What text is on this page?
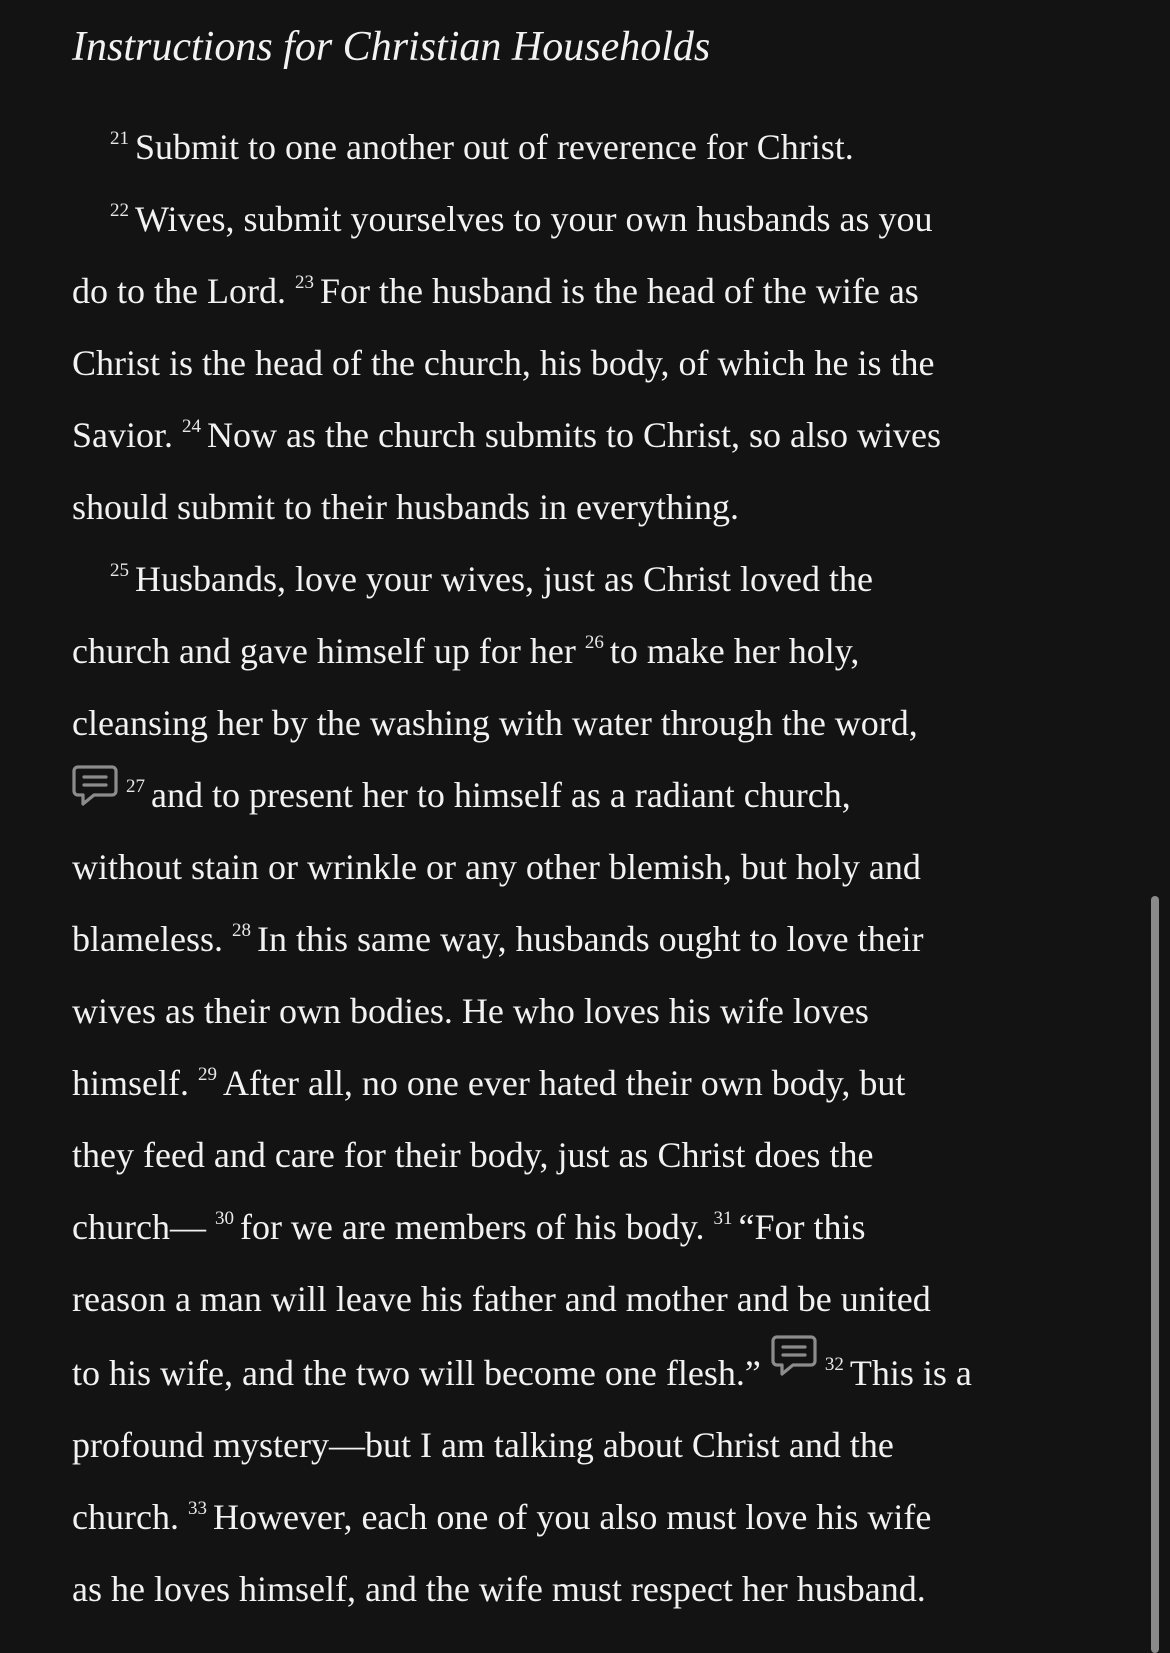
Instructions for Christian Households

$^{21}$ Submit to one another out of reverence for Christ.

$^{22}$ Wives, submit yourselves to your own husbands as you
do to the Lord. $^{23}$ For the husband is the head of the wife as
Christ is the head of the church, his body, of which he is the
Savior. $^{24}$ Now as the church submits to Christ, so also wives
should submit to their husbands in everything.

$^{25}$ Husbands, love your wives, just as Christ loved the
church and gave himself up for her $^{26}$ to make her holy,
cleansing her by the washing with water through the word,
$^{27}$ and to present her to himself as a radiant church,
without stain or wrinkle or any other blemish, but holy and
blameless. $^{28}$ In this same way, husbands ought to love their
wives as their own bodies. He who loves his wife loves
himself. $^{29}$ After all, no one ever hated their own body, but
they feed and care for their body, just as Christ does the
church— $^{30}$ for we are members of his body. $^{31}$ “For this
reason a man will leave his father and mother and be united
to his wife, and the two will become one flesh.”	$^{32}$ This is a
profound mystery—but I am talking about Christ and the
church. $^{33}$ However, each one of you also must love his wife
as he loves himself, and the wife must respect her husband.
